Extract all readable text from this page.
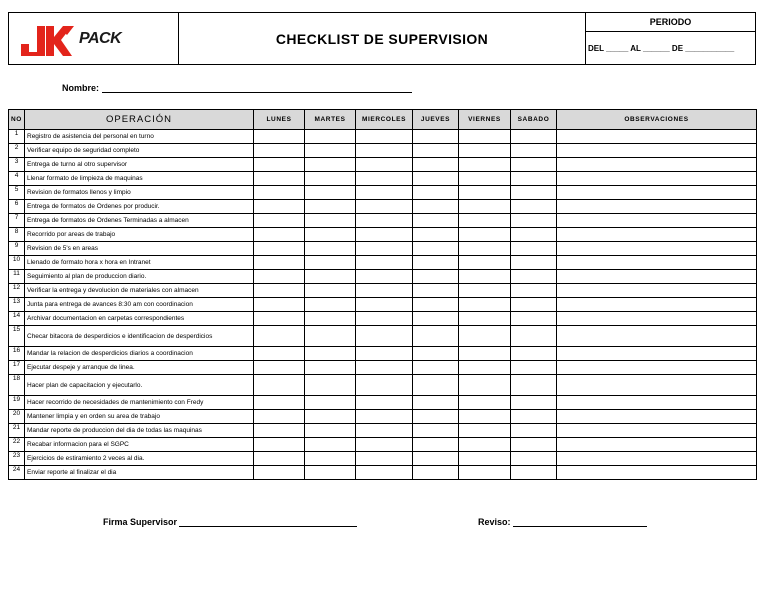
PACK	CHECKLIST DE SUPERVISION
PERIODO
DEL _____ AL ______ DE ___________
Nombre:
NO	OPERACIÓN	LUNES	MARTES	MIERCOLES	JUEVES	VIERNES	SABADO	OBSERVACIONES
1	Registro de asistencia del personal en turno							
2	Verificar equipo de seguridad completo							
3	Entrega de turno al otro supervisor							
4	Llenar formato de limpieza de maquinas							
5	Revision de formatos llenos y limpio							
6	Entrega de formatos de Ordenes por producir.							
7	Entrega de formatos de Ordenes Terminadas a almacen							
8	Recorrido por areas de trabajo							
9	Revision de 5's en areas							
10	Llenado de formato hora x hora en Intranet							
11	Seguimiento al plan de produccion diario.							
12	Verificar la entrega y devolucion de materiales con almacen							
13	Junta para entrega de avances 8:30 am con coordinacion							
14	Archivar documentacion en carpetas correspondientes							
15	Checar bitacora de desperdicios e identificacion de desperdicios							
16	Mandar la relacion de desperdicios diarios a coordinacion							
17	Ejecutar despeje y arranque de linea.							
18	Hacer plan de capacitacion y ejecutarlo.							
19	Hacer recorrido de necesidades de mantenimiento con Fredy							
20	Mantener limpia y en orden su area de trabajo							
21	Mandar reporte de produccion del dia de todas las maquinas							
22	Recabar informacion para el SGPC							
23	Ejercicios de estiramiento 2 veces al dia.							
24	Enviar reporte al finalizar el dia							
Firma Supervisor	Reviso:
